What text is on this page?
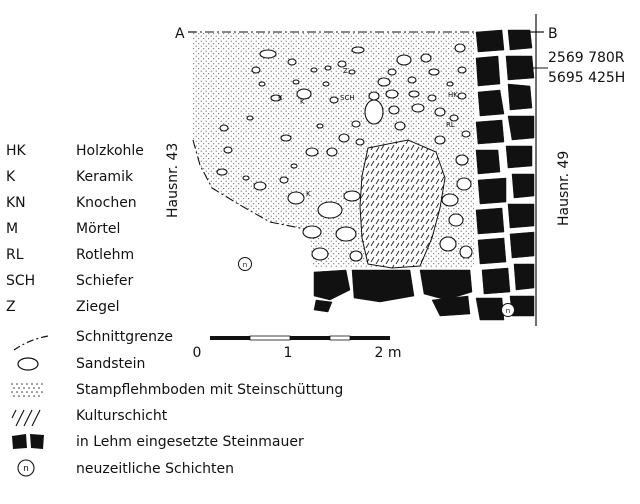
Z
K K	SCH	HK
RL
K
n
n
A	B
2569 780R
5695 425H
Hausnr. 43	Hausnr. 49
0	1	2 m
HK	Holzkohle
K	Keramik
KN	Knochen
M	Mörtel
RL	Rotlehm
SCH	Schiefer
Z	Ziegel
Schnittgrenze
Sandstein
Stampflehmboden mit Steinschüttung
Kulturschicht
in Lehm eingesetzte Steinmauer
n	neuzeitliche Schichten
